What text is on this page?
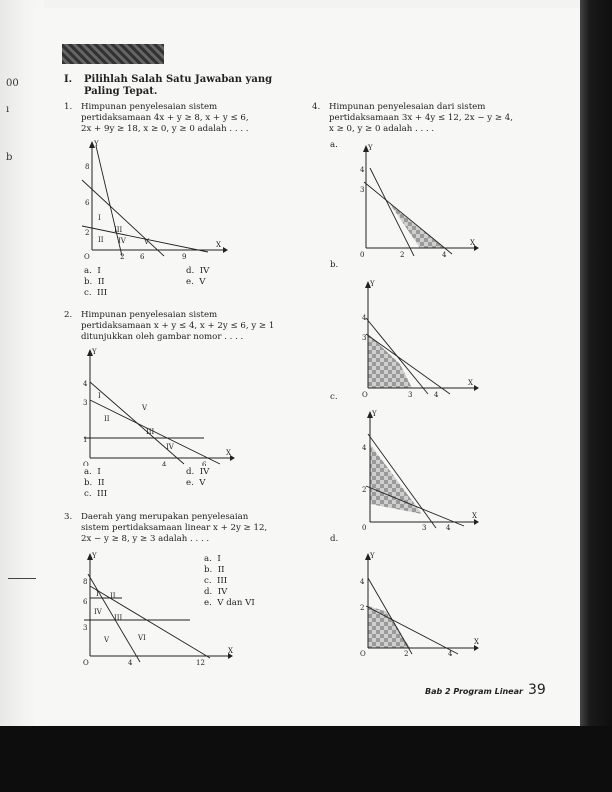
00
ı
b
I. Pilihlah Salah Satu Jawaban yang
Paling Tepat.
1. Himpunan penyelesaian sistem
pertidaksamaan 4x + y ≥ 8, x + y ≤ 6,
2x + 9y ≥ 18, x ≥ 0, y ≥ 0 adalah . . . .
Y
X
O	2 6	9
8
6
2
I
II
III
IV	V
a.  I
b.  II
c.  III
d.  IV
e.  V
2. Himpunan penyelesaian sistem
pertidaksamaan x + y ≤ 4, x + 2y ≤ 6, y ≥ 1
ditunjukkan oleh gambar nomor . . . .
Y
X
O	4	6
4
3
1
I
II
III
IV
V
a.  I
b.  II
c.  III
d.  IV
e.  V
3. Daerah yang merupakan penyelesaian
sistem pertidaksamaan linear x + 2y ≥ 12,
2x − y ≥ 8, y ≥ 3 adalah . . . .
Y
X
O	4	12
8
6
3
I II
III
IV
V	VI
a.  I
b.  II
c.  III
d.  IV
e.  V dan VI
4. Himpunan penyelesaian dari sistem
pertidaksamaan 3x + 4y ≤ 12, 2x − y ≥ 4,
x ≥ 0, y ≥ 0 adalah . . . .
a.	Y
X
0	2	4
4
3
b.
Y
X
O	3	4
4
3
c.
Y
X
0	3	4
4
2
d.
Y
X
O	2	4
4
2
Bab 2 Program Linear 39
